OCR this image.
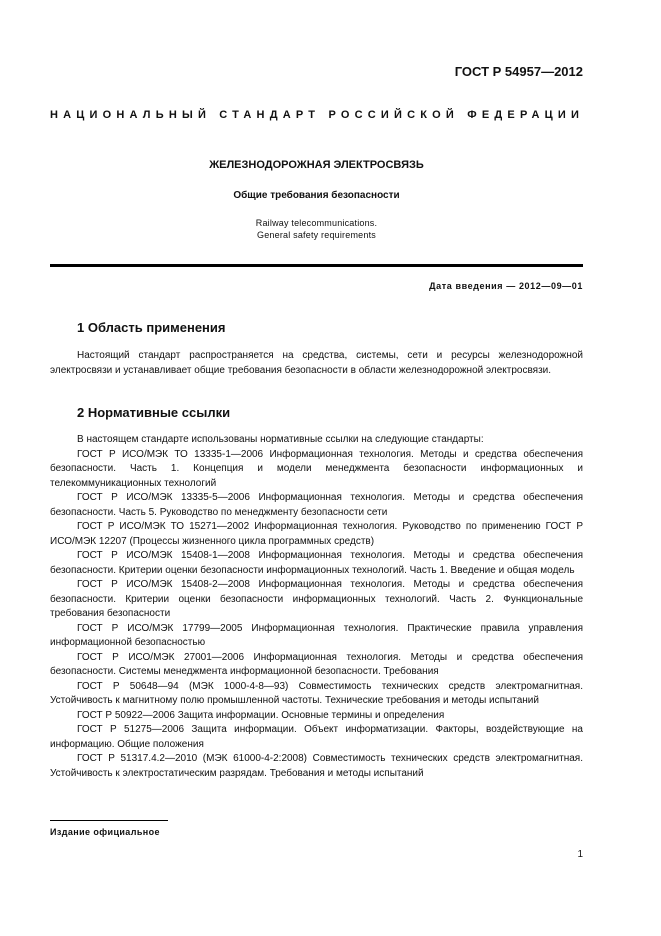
ГОСТ Р 54957—2012
НАЦИОНАЛЬНЫЙ СТАНДАРТ РОССИЙСКОЙ ФЕДЕРАЦИИ
ЖЕЛЕЗНОДОРОЖНАЯ ЭЛЕКТРОСВЯЗЬ
Общие требования безопасности
Railway telecommunications.
General safety requirements
Дата введения — 2012—09—01
1 Область применения
Настоящий стандарт распространяется на средства, системы, сети и ресурсы железнодорожной электросвязи и устанавливает общие требования безопасности в области железнодорожной электросвязи.
2 Нормативные ссылки

В настоящем стандарте использованы нормативные ссылки на следующие стандарты:

ГОСТ Р ИСО/МЭК ТО 13335-1—2006 Информационная технология. Методы и средства обеспечения безопасности. Часть 1. Концепция и модели менеджмента безопасности информационных и телекоммуникационных технологий

ГОСТ Р ИСО/МЭК 13335-5—2006 Информационная технология. Методы и средства обеспечения безопасности. Часть 5. Руководство по менеджменту безопасности сети

ГОСТ Р ИСО/МЭК ТО 15271—2002 Информационная технология. Руководство по применению ГОСТ Р ИСО/МЭК 12207 (Процессы жизненного цикла программных средств)

ГОСТ Р ИСО/МЭК 15408-1—2008 Информационная технология. Методы и средства обеспечения безопасности. Критерии оценки безопасности информационных технологий. Часть 1. Введение и общая модель

ГОСТ Р ИСО/МЭК 15408-2—2008 Информационная технология. Методы и средства обеспечения безопасности. Критерии оценки безопасности информационных технологий. Часть 2. Функциональные требования безопасности

ГОСТ Р ИСО/МЭК 17799—2005 Информационная технология. Практические правила управления информационной безопасностью

ГОСТ Р ИСО/МЭК 27001—2006 Информационная технология. Методы и средства обеспечения безопасности. Системы менеджмента информационной безопасности. Требования

ГОСТ Р 50648—94 (МЭК 1000-4-8—93) Совместимость технических средств электромагнитная. Устойчивость к магнитному полю промышленной частоты. Технические требования и методы испытаний

ГОСТ Р 50922—2006 Защита информации. Основные термины и определения

ГОСТ Р 51275—2006 Защита информации. Объект информатизации. Факторы, воздействующие на информацию. Общие положения

ГОСТ Р 51317.4.2—2010 (МЭК 61000-4-2:2008) Совместимость технических средств электромагнитная. Устойчивость к электростатическим разрядам. Требования и методы испытаний

Издание официальное
1
